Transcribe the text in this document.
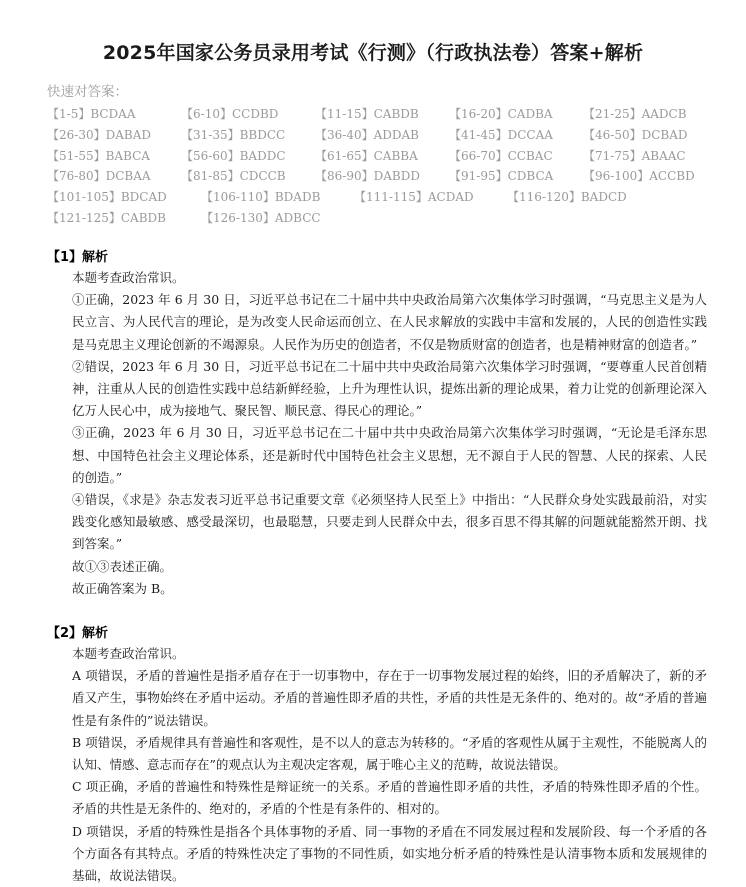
2025年国家公务员录用考试《行测》（行政执法卷）答案+解析
快速对答案：
【1-5】BCDAA	【6-10】CCDBD	【11-15】CABDB	【16-20】CADBA	【21-25】AADCB
【26-30】DABAD	【31-35】BBDCC 【36-40】ADDAB	【41-45】DCCAA	【46-50】DCBAD
【51-55】BABCA	【56-60】BADDC 【61-65】CABBA	【66-70】CCBAC	【71-75】ABAAC
【76-80】DCBAA	【81-85】CDCCB 【86-90】DABDD 【91-95】CDBCA 【96-100】ACCBD
【101-105】BDCAD	【106-110】BDADB	【111-115】ACDAD	【116-120】BADCD
【121-125】CABDB	【126-130】ADBCC
【1】解析

本题考查政治常识。

①正确，2023 年 6 月 30 日，习近平总书记在二十届中共中央政治局第六次集体学习时强调，“马克思主义是为人民立言、为人民代言的理论，是为改变人民命运而创立、在人民求解放的实践中丰富和发展的，人民的创造性实践是马克思主义理论创新的不竭源泉。人民作为历史的创造者，不仅是物质财富的创造者，也是精神财富的创造者。”

②错误，2023 年 6 月 30 日，习近平总书记在二十届中共中央政治局第六次集体学习时强调，“要尊重人民首创精神，注重从人民的创造性实践中总结新鲜经验，上升为理性认识，提炼出新的理论成果，着力让党的创新理论深入亿万人民心中，成为接地气、聚民智、顺民意、得民心的理论。”

③正确，2023 年 6 月 30 日，习近平总书记在二十届中共中央政治局第六次集体学习时强调，“无论是毛泽东思想、中国特色社会主义理论体系，还是新时代中国特色社会主义思想，无不源自于人民的智慧、人民的探索、人民的创造。”

④错误，《求是》杂志发表习近平总书记重要文章《必须坚持人民至上》中指出：“人民群众身处实践最前沿，对实践变化感知最敏感、感受最深切，也最聪慧，只要走到人民群众中去，很多百思不得其解的问题就能豁然开朗、找到答案。”

故①③表述正确。

故正确答案为 B。

【2】解析

本题考查政治常识。

A 项错误，矛盾的普遍性是指矛盾存在于一切事物中，存在于一切事物发展过程的始终，旧的矛盾解决了，新的矛盾又产生，事物始终在矛盾中运动。矛盾的普遍性即矛盾的共性，矛盾的共性是无条件的、绝对的。故“矛盾的普遍性是有条件的”说法错误。

B 项错误，矛盾规律具有普遍性和客观性，是不以人的意志为转移的。“矛盾的客观性从属于主观性，不能脱离人的认知、情感、意志而存在”的观点认为主观决定客观，属于唯心主义的范畴，故说法错误。

C 项正确，矛盾的普遍性和特殊性是辩证统一的关系。矛盾的普遍性即矛盾的共性，矛盾的特殊性即矛盾的个性。矛盾的共性是无条件的、绝对的，矛盾的个性是有条件的、相对的。

D 项错误，矛盾的特殊性是指各个具体事物的矛盾、同一事物的矛盾在不同发展过程和发展阶段、每一个矛盾的各个方面各有其特点。矛盾的特殊性决定了事物的不同性质，如实地分析矛盾的特殊性是认清事物本质和发展规律的基础，故说法错误。
